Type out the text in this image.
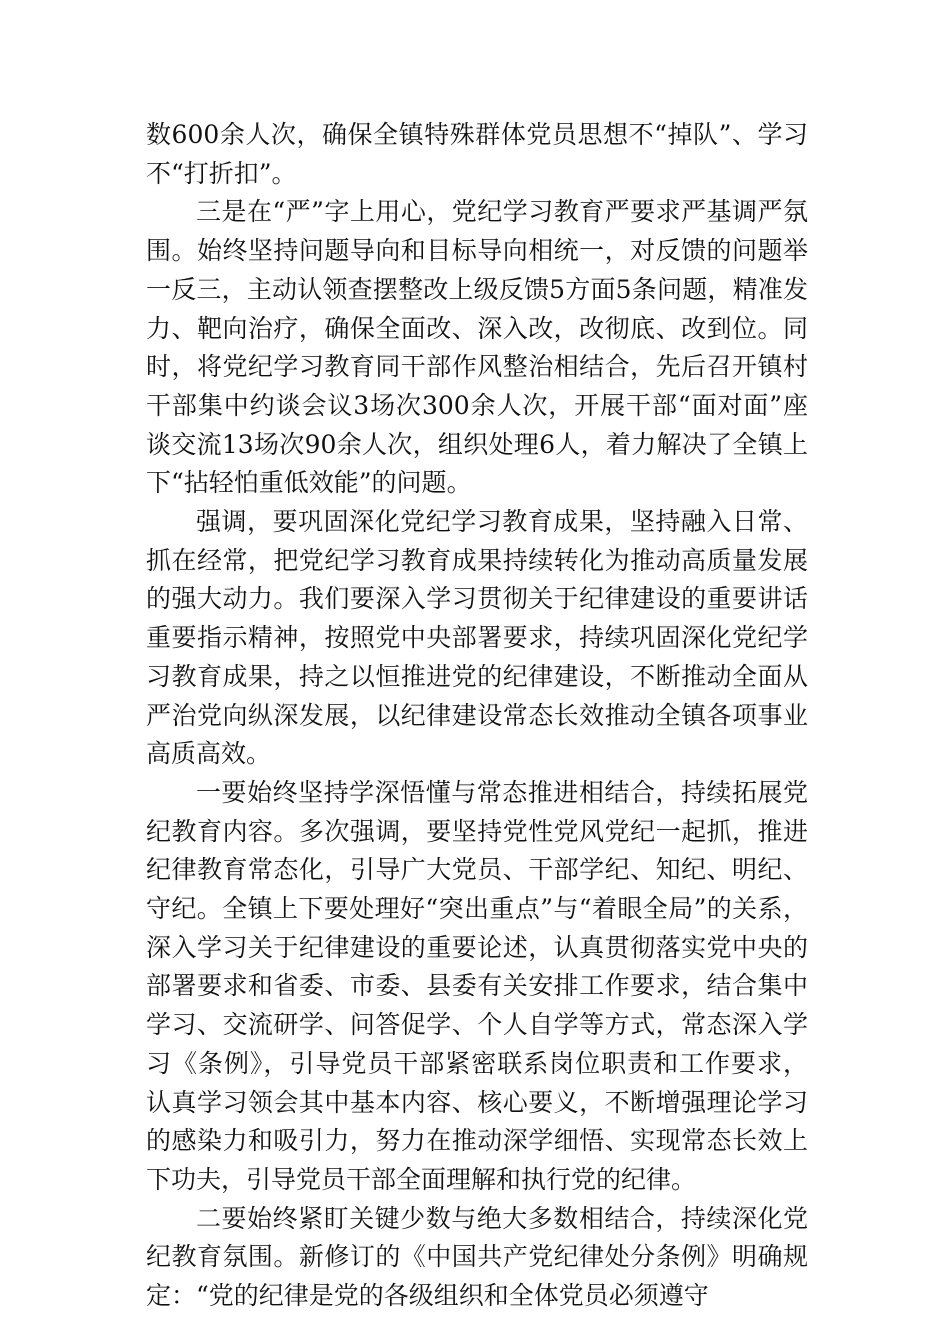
数600余人次，确保全镇特殊群体党员思想不“掉队”、学习不“打折扣”。

三是在“严”字上用心，党纪学习教育严要求严基调严氛围。始终坚持问题导向和目标导向相统一，对反馈的问题举一反三，主动认领查摆整改上级反馈5方面5条问题，精准发力、靶向治疗，确保全面改、深入改，改彻底、改到位。同时，将党纪学习教育同干部作风整治相结合，先后召开镇村干部集中约谈会议3场次300余人次，开展干部“面对面”座谈交流13场次90余人次，组织处理6人，着力解决了全镇上下“拈轻怕重低效能”的问题。

强调，要巩固深化党纪学习教育成果，坚持融入日常、抓在经常，把党纪学习教育成果持续转化为推动高质量发展的强大动力。我们要深入学习贯彻关于纪律建设的重要讲话重要指示精神，按照党中央部署要求，持续巩固深化党纪学习教育成果，持之以恒推进党的纪律建设，不断推动全面从严治党向纵深发展，以纪律建设常态长效推动全镇各项事业高质高效。

一要始终坚持学深悟懂与常态推进相结合，持续拓展党纪教育内容。多次强调，要坚持党性党风党纪一起抓，推进纪律教育常态化，引导广大党员、干部学纪、知纪、明纪、守纪。全镇上下要处理好“突出重点”与“着眼全局”的关系，深入学习关于纪律建设的重要论述，认真贯彻落实党中央的部署要求和省委、市委、县委有关安排工作要求，结合集中学习、交流研学、问答促学、个人自学等方式，常态深入学习《条例》，引导党员干部紧密联系岗位职责和工作要求，认真学习领会其中基本内容、核心要义，不断增强理论学习的感染力和吸引力，努力在推动深学细悟、实现常态长效上下功夫，引导党员干部全面理解和执行党的纪律。

二要始终紧盯关键少数与绝大多数相结合，持续深化党纪教育氛围。新修订的《中国共产党纪律处分条例》明确规定：“党的纪律是党的各级组织和全体党员必须遵守
